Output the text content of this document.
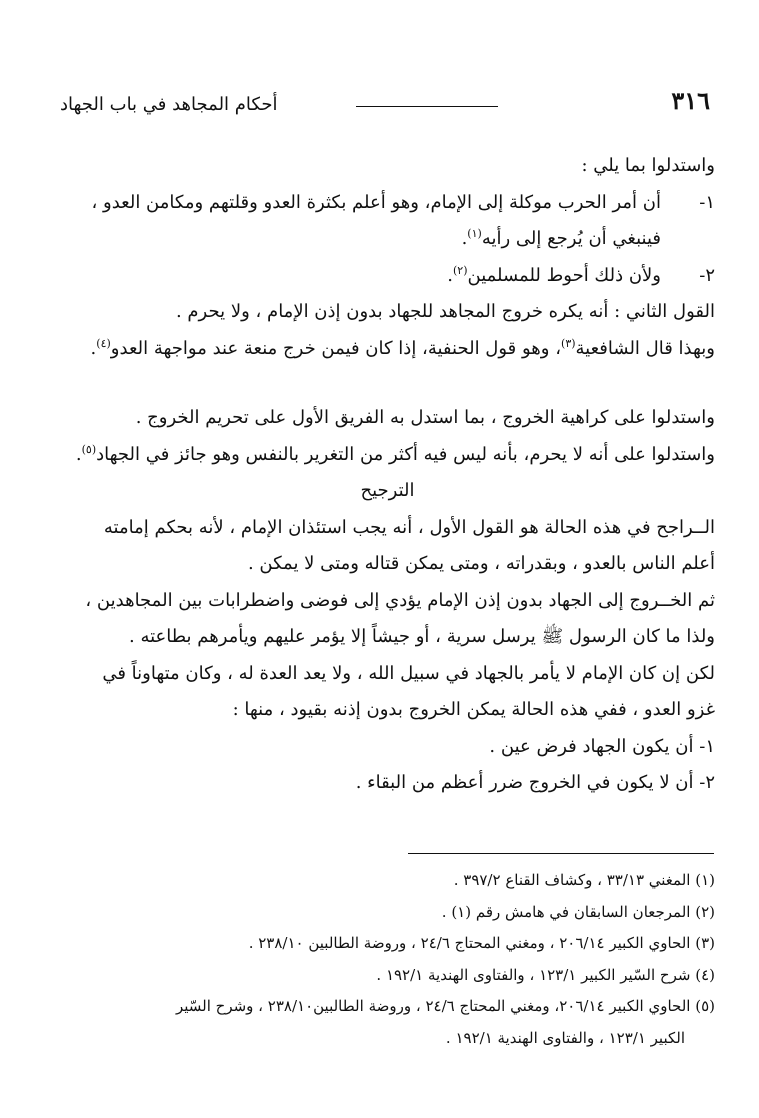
٣١٦
أحكام المجاهد في باب الجهاد
واستدلوا بما يلي :
١-أن أمر الحرب موكلة إلى الإمام، وهو أعلم بكثرة العدو وقلتهم ومكامن العدو ،
فينبغي أن يُرجع إلى رأيه$^{(١)}$.
٢-ولأن ذلك أحوط للمسلمين$^{(٢)}$.
القول الثاني : أنه يكره خروج المجاهد للجهاد بدون إذن الإمام ، ولا يحرم .
وبهذا قال الشافعية$^{(٣)}$، وهو قول الحنفية، إذا كان فيمن خرج منعة عند مواجهة العدو$^{(٤)}$.
واستدلوا على كراهية الخروج ، بما استدل به الفريق الأول على تحريم الخروج .
واستدلوا على أنه لا يحرم، بأنه ليس فيه أكثر من التغرير بالنفس وهو جائز في الجهاد$^{(٥)}$.
الترجيح
الــراجح في هذه الحالة هو القول الأول ، أنه يجب استئذان الإمام ، لأنه بحكم إمامته
أعلم الناس بالعدو ، وبقدراته ، ومتى يمكن قتاله ومتى لا يمكن .
ثم الخــروج إلى الجهاد بدون إذن الإمام يؤدي إلى فوضى واضطرابات بين المجاهدين ،
ولذا ما كان الرسول ﷺ يرسل سرية ، أو جيشاً إلا يؤمر عليهم ويأمرهم بطاعته .
لكن إن كان الإمام لا يأمر بالجهاد في سبيل الله ، ولا يعد العدة له ، وكان متهاوناً في
غزو العدو ، ففي هذه الحالة يمكن الخروج بدون إذنه بقيود ، منها :
١- أن يكون الجهاد فرض عين .
٢- أن لا يكون في الخروج ضرر أعظم من البقاء .
(١) المغني ٣٣/١٣ ، وكشاف القناع ٣٩٧/٢ .
(٢) المرجعان السابقان في هامش رقم (١) .
(٣) الحاوي الكبير ٢٠٦/١٤ ، ومغني المحتاج ٢٤/٦ ، وروضة الطالبين ٢٣٨/١٠ .
(٤) شرح السّير الكبير ١٢٣/١ ، والفتاوى الهندية ١٩٢/١ .
(٥) الحاوي الكبير ٢٠٦/١٤، ومغني المحتاج ٢٤/٦ ، وروضة الطالبين٢٣٨/١٠ ، وشرح السّير
الكبير ١٢٣/١ ، والفتاوى الهندية ١٩٢/١ .
